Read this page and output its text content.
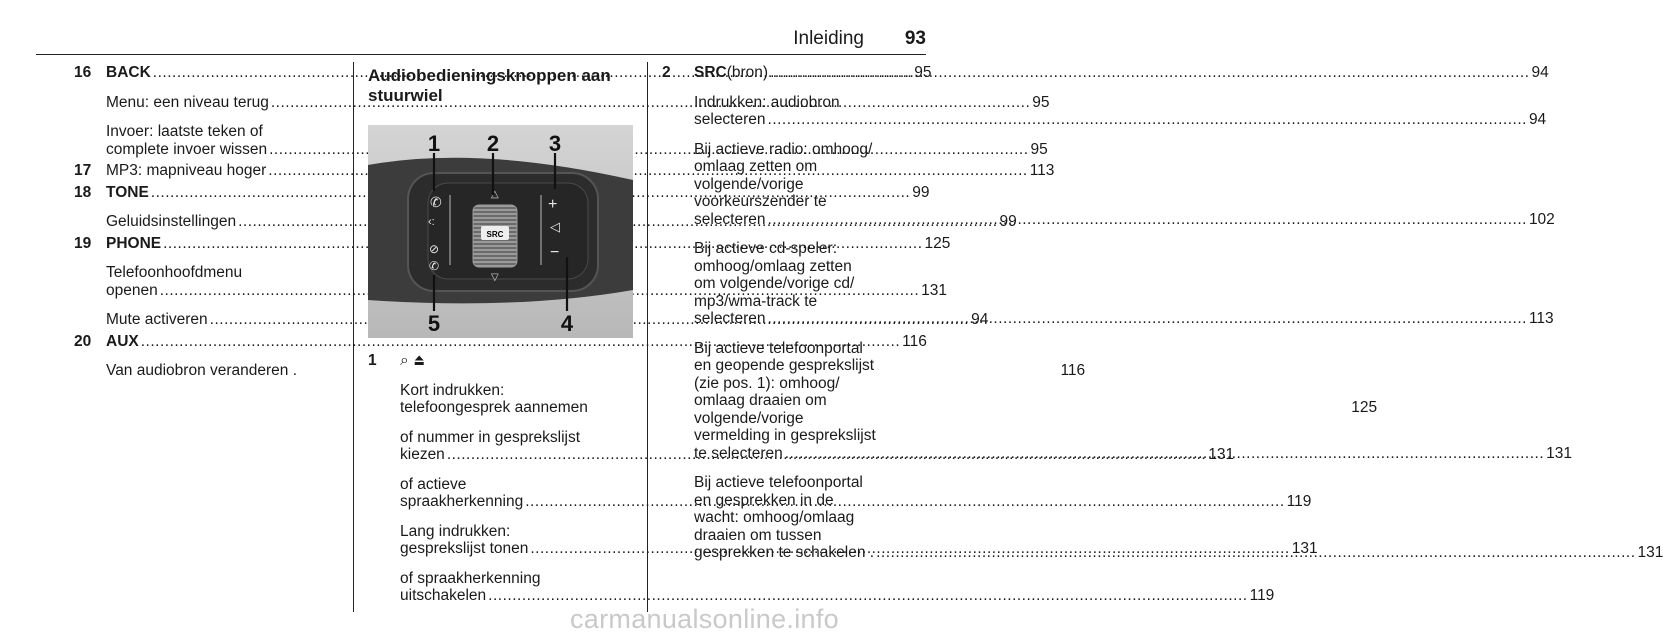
Inleiding 93
16 BACK .....	95
Menu: een niveau terug .....	95
Invoer: laatste teken of
complete invoer wissen .....	95
17 MP3: mapniveau hoger .....	113
18 TONE .....	99
Geluidsinstellingen .....	99
19 PHONE .....	125
Telefoonhoofdmenu
openen .....	131
Mute activeren .....	94
20 AUX .....	116
Van audiobron veranderen .	116
Audiobedieningsknoppen aan
stuurwiel
SRC
△
▽
✆
‹:
⊘
✆
+
◁
−
1 2 3
4
5
1	⌕ ⏏
Kort indrukken:
telefoongesprek aannemen	125
of nummer in gesprekslijst
kiezen .....	131
of actieve
spraakherkenning .....	119
Lang indrukken:
gesprekslijst tonen .....	131
of spraakherkenning
uitschakelen .....	119
2	SRC (bron) .....	94
Indrukken: audiobron
selecteren .....	94
Bij actieve radio: omhoog/
omlaag zetten om
volgende/vorige
voorkeurszender te
selecteren .....	102
Bij actieve cd-speler:
omhoog/omlaag zetten
om volgende/vorige cd/
mp3/wma-track te
selecteren .....	113
Bij actieve telefoonportal
en geopende gesprekslijst
(zie pos. 1): omhoog/
omlaag draaien om
volgende/vorige
vermelding in gesprekslijst
te selecteren .....	131
Bij actieve telefoonportal
en gesprekken in de
wacht: omhoog/omlaag
draaien om tussen
gesprekken te schakelen . .....	131
carmanualsonline.info
